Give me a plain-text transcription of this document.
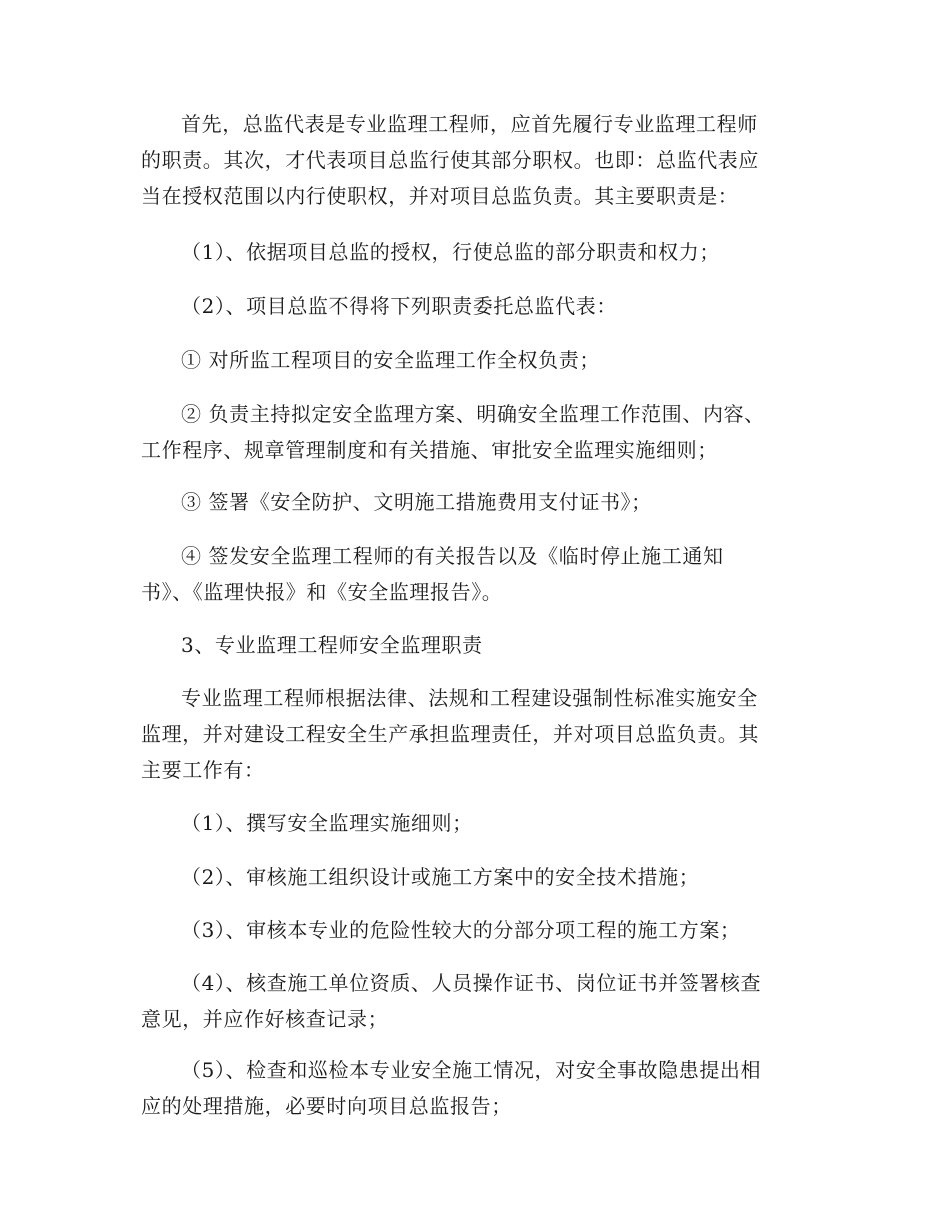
首先，总监代表是专业监理工程师，应首先履行专业监理工程师
的职责。其次，才代表项目总监行使其部分职权。也即：总监代表应
当在授权范围以内行使职权，并对项目总监负责。其主要职责是：

（1）、依据项目总监的授权，行使总监的部分职责和权力；

（2）、项目总监不得将下列职责委托总监代表：

① 对所监工程项目的安全监理工作全权负责；

② 负责主持拟定安全监理方案、明确安全监理工作范围、内容、
工作程序、规章管理制度和有关措施、审批安全监理实施细则；

③ 签署《安全防护、文明施工措施费用支付证书》；

④ 签发安全监理工程师的有关报告以及《临时停止施工通知
书》、《监理快报》和《安全监理报告》。

3、专业监理工程师安全监理职责

专业监理工程师根据法律、法规和工程建设强制性标准实施安全
监理，并对建设工程安全生产承担监理责任，并对项目总监负责。其
主要工作有：

（1）、撰写安全监理实施细则；

（2）、审核施工组织设计或施工方案中的安全技术措施；

（3）、审核本专业的危险性较大的分部分项工程的施工方案；

（4）、核查施工单位资质、人员操作证书、岗位证书并签署核查
意见，并应作好核查记录；

（5）、检查和巡检本专业安全施工情况，对安全事故隐患提出相
应的处理措施，必要时向项目总监报告；
